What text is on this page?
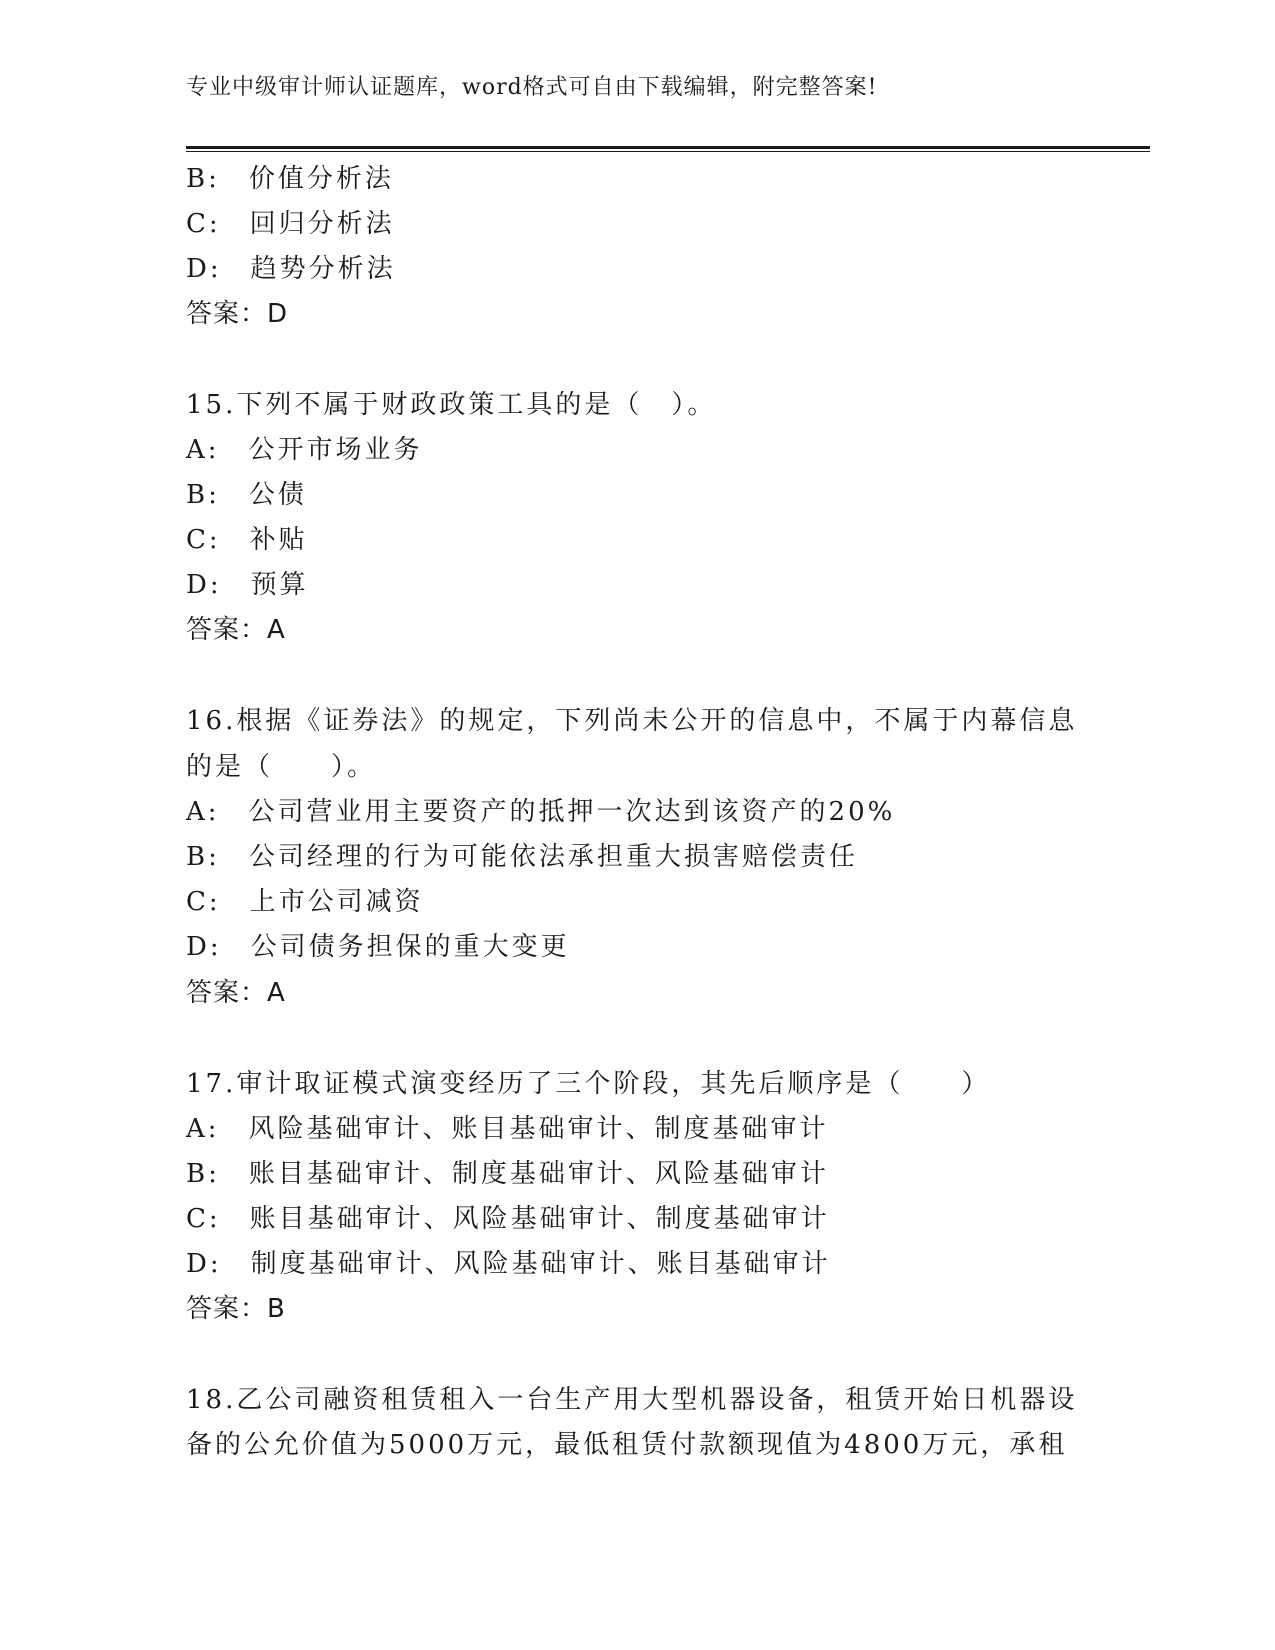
专业中级审计师认证题库，word格式可自由下载编辑，附完整答案!
B:　价值分析法
C:　回归分析法
D:　趋势分析法
答案：D
15.下列不属于财政政策工具的是（　）。
A:　公开市场业务
B:　公债
C:　补贴
D:　预算
答案：A
16.根据《证券法》的规定，下列尚未公开的信息中，不属于内幕信息
的是（　　）。
A:　公司营业用主要资产的抵押一次达到该资产的20%
B:　公司经理的行为可能依法承担重大损害赔偿责任
C:　上市公司减资
D:　公司债务担保的重大变更
答案：A
17.审计取证模式演变经历了三个阶段，其先后顺序是（　　）
A:　风险基础审计、账目基础审计、制度基础审计
B:　账目基础审计、制度基础审计、风险基础审计
C:　账目基础审计、风险基础审计、制度基础审计
D:　制度基础审计、风险基础审计、账目基础审计
答案：B
18.乙公司融资租赁租入一台生产用大型机器设备，租赁开始日机器设
备的公允价值为5000万元，最低租赁付款额现值为4800万元，承租
